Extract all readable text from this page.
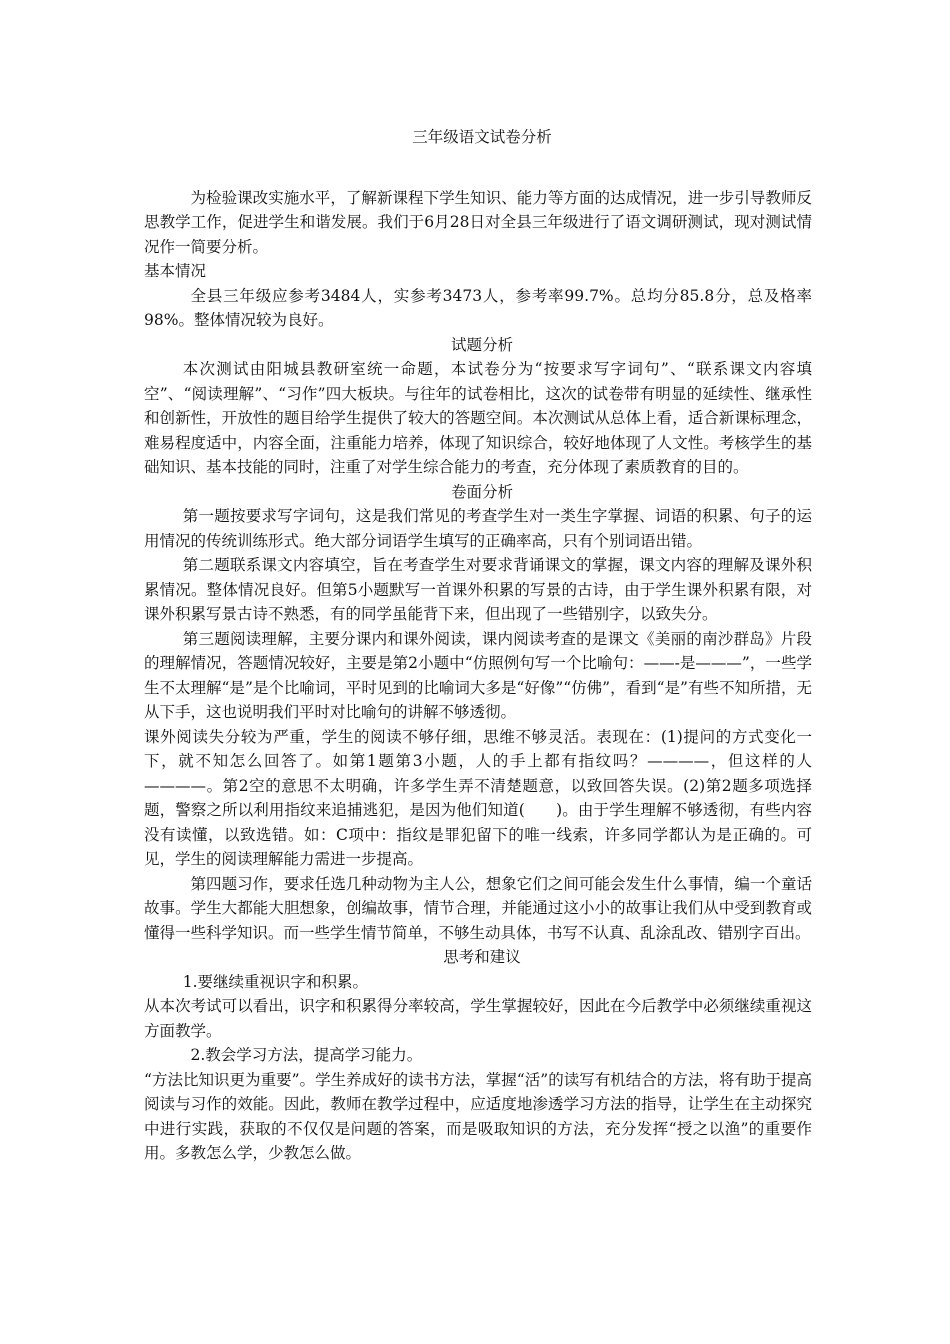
三年级语文试卷分析

为检验课改实施水平，了解新课程下学生知识、能力等方面的达成情况，进一步引导教师反思教学工作，促进学生和谐发展。我们于6月28日对全县三年级进行了语文调研测试，现对测试情况作一简要分析。

基本情况

全县三年级应参考3484人，实参考3473人，参考率99.7%。总均分85.8分，总及格率98%。整体情况较为良好。

试题分析

本次测试由阳城县教研室统一命题，本试卷分为“按要求写字词句”、“联系课文内容填空”、“阅读理解”、“习作”四大板块。与往年的试卷相比，这次的试卷带有明显的延续性、继承性和创新性，开放性的题目给学生提供了较大的答题空间。本次测试从总体上看，适合新课标理念，难易程度适中，内容全面，注重能力培养，体现了知识综合，较好地体现了人文性。考核学生的基础知识、基本技能的同时，注重了对学生综合能力的考查，充分体现了素质教育的目的。

卷面分析

第一题按要求写字词句，这是我们常见的考查学生对一类生字掌握、词语的积累、句子的运用情况的传统训练形式。绝大部分词语学生填写的正确率高，只有个别词语出错。

第二题联系课文内容填空，旨在考查学生对要求背诵课文的掌握，课文内容的理解及课外积累情况。整体情况良好。但第5小题默写一首课外积累的写景的古诗，由于学生课外积累有限，对课外积累写景古诗不熟悉，有的同学虽能背下来，但出现了一些错别字，以致失分。

第三题阅读理解，主要分课内和课外阅读，课内阅读考查的是课文《美丽的南沙群岛》片段的理解情况，答题情况较好，主要是第2小题中“仿照例句写一个比喻句：——-是———”，一些学生不太理解“是”是个比喻词，平时见到的比喻词大多是“好像”“仿佛”，看到“是”有些不知所措，无从下手，这也说明我们平时对比喻句的讲解不够透彻。

课外阅读失分较为严重，学生的阅读不够仔细，思维不够灵活。表现在：(1)提问的方式变化一下，就不知怎么回答了。如第1题第3小题，人的手上都有指纹吗？————，但这样的人————。第2空的意思不太明确，许多学生弄不清楚题意，以致回答失误。(2)第2题多项选择题，警察之所以利用指纹来追捕逃犯，是因为他们知道(　　)。由于学生理解不够透彻，有些内容没有读懂，以致选错。如：C项中：指纹是罪犯留下的唯一线索，许多同学都认为是正确的。可见，学生的阅读理解能力需进一步提高。

第四题习作，要求任选几种动物为主人公，想象它们之间可能会发生什么事情，编一个童话故事。学生大都能大胆想象，创编故事，情节合理，并能通过这小小的故事让我们从中受到教育或懂得一些科学知识。而一些学生情节简单，不够生动具体，书写不认真、乱涂乱改、错别字百出。

思考和建议

1.要继续重视识字和积累。

从本次考试可以看出，识字和积累得分率较高，学生掌握较好，因此在今后教学中必须继续重视这方面教学。

2.教会学习方法，提高学习能力。

“方法比知识更为重要”。学生养成好的读书方法，掌握“活”的读写有机结合的方法，将有助于提高阅读与习作的效能。因此，教师在教学过程中，应适度地渗透学习方法的指导，让学生在主动探究中进行实践，获取的不仅仅是问题的答案，而是吸取知识的方法，充分发挥“授之以渔”的重要作用。多教怎么学，少教怎么做。
